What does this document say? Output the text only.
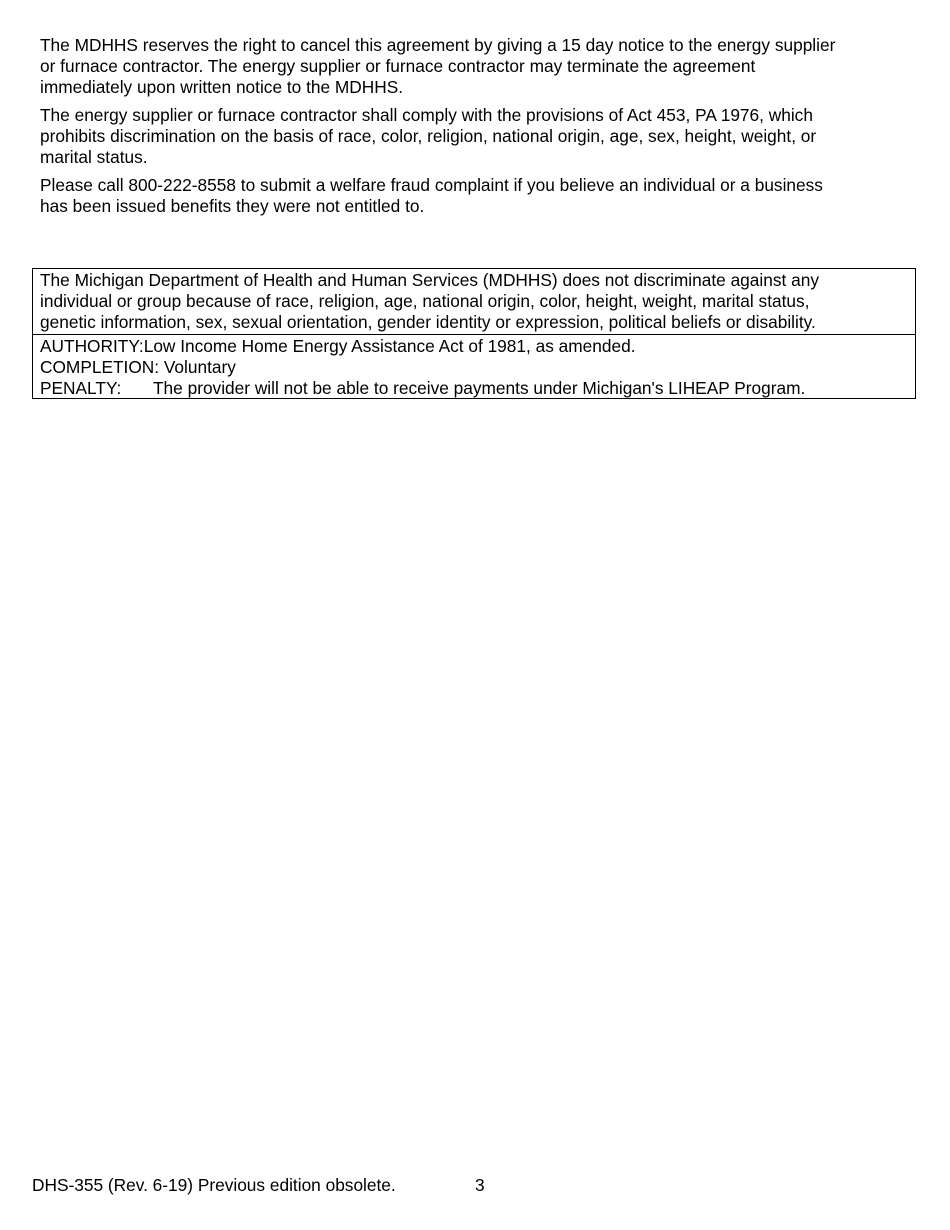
The MDHHS reserves the right to cancel this agreement by giving a 15 day notice to the energy supplier
or furnace contractor. The energy supplier or furnace contractor may terminate the agreement
immediately upon written notice to the MDHHS.
The energy supplier or furnace contractor shall comply with the provisions of Act 453, PA 1976, which
prohibits discrimination on the basis of race, color, religion, national origin, age, sex, height, weight, or
marital status.
Please call 800-222-8558 to submit a welfare fraud complaint if you believe an individual or a business
has been issued benefits they were not entitled to.
The Michigan Department of Health and Human Services (MDHHS) does not discriminate against any
individual or group because of race, religion, age, national origin, color, height, weight, marital status,
genetic information, sex, sexual orientation, gender identity or expression, political beliefs or disability.
AUTHORITY:Low Income Home Energy Assistance Act of 1981, as amended.
COMPLETION: Voluntary
PENALTY: The provider will not be able to receive payments under Michigan's LIHEAP Program.
DHS-355 (Rev. 6-19) Previous edition obsolete.	3
